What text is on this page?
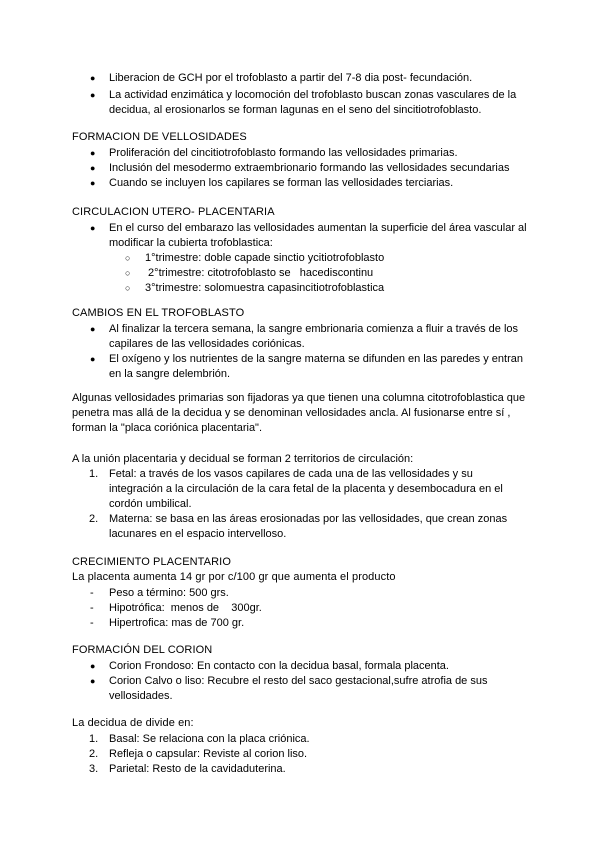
● Liberacion de GCH por el trofoblasto a partir del 7-8 dia post- fecundación.
● La actividad enzimática y locomoción del trofoblasto buscan zonas vasculares de la decidua, al erosionarlos se forman lagunas en el seno del sincitiotrofoblasto.
FORMACION DE VELLOSIDADES
● Proliferación del cincitiotrofoblasto formando las vellosidades primarias.
● Inclusión del mesodermo extraembrionario formando las vellosidades secundarias
● Cuando se incluyen los capilares se forman las vellosidades terciarias.
CIRCULACION UTERO- PLACENTARIA
● En el curso del embarazo las vellosidades aumentan la superficie del área vascular al modificar la cubierta trofoblastica:
○ 1°trimestre: doble capade sinctio ycitiotrofoblasto
○ 2°trimestre: citotrofoblasto se   hacediscontinu
○ 3°trimestre: solomuestra capasincitiotrofoblastica
CAMBIOS EN EL TROFOBLASTO
● Al finalizar la tercera semana, la sangre embrionaria comienza a fluir a través de los capilares de las vellosidades coriónicas.
● El oxígeno y los nutrientes de la sangre materna se difunden en las paredes y entran en la sangre delembrión.

Algunas vellosidades primarias son fijadoras ya que tienen una columna citotrofoblastica que penetra mas allá de la decidua y se denominan vellosidades ancla. Al fusionarse entre sí , forman la "placa coriónica placentaria".

A la unión placentaria y decidual se forman 2 territorios de circulación:

1. Fetal: a través de los vasos capilares de cada una de las vellosidades y su integración a la circulación de la cara fetal de la placenta y desembocadura en el cordón umbilical.
2. Materna: se basa en las áreas erosionadas por las vellosidades, que crean zonas lacunares en el espacio intervelloso.
CRECIMIENTO PLACENTARIO
La placenta aumenta 14 gr por c/100 gr que aumenta el producto
- Peso a término: 500 grs.
- Hipotrófica:  menos de    300gr.
- Hipertrofica: mas de 700 gr.
FORMACIÓN DEL CORION
● Corion Frondoso: En contacto con la decidua basal, formala placenta.
● Corion Calvo o liso: Recubre el resto del saco gestacional,sufre atrofia de sus vellosidades.
La decidua de divide en:
1. Basal: Se relaciona con la placa criónica.
2. Refleja o capsular: Reviste al corion liso.
3. Parietal: Resto de la cavidaduterina.
